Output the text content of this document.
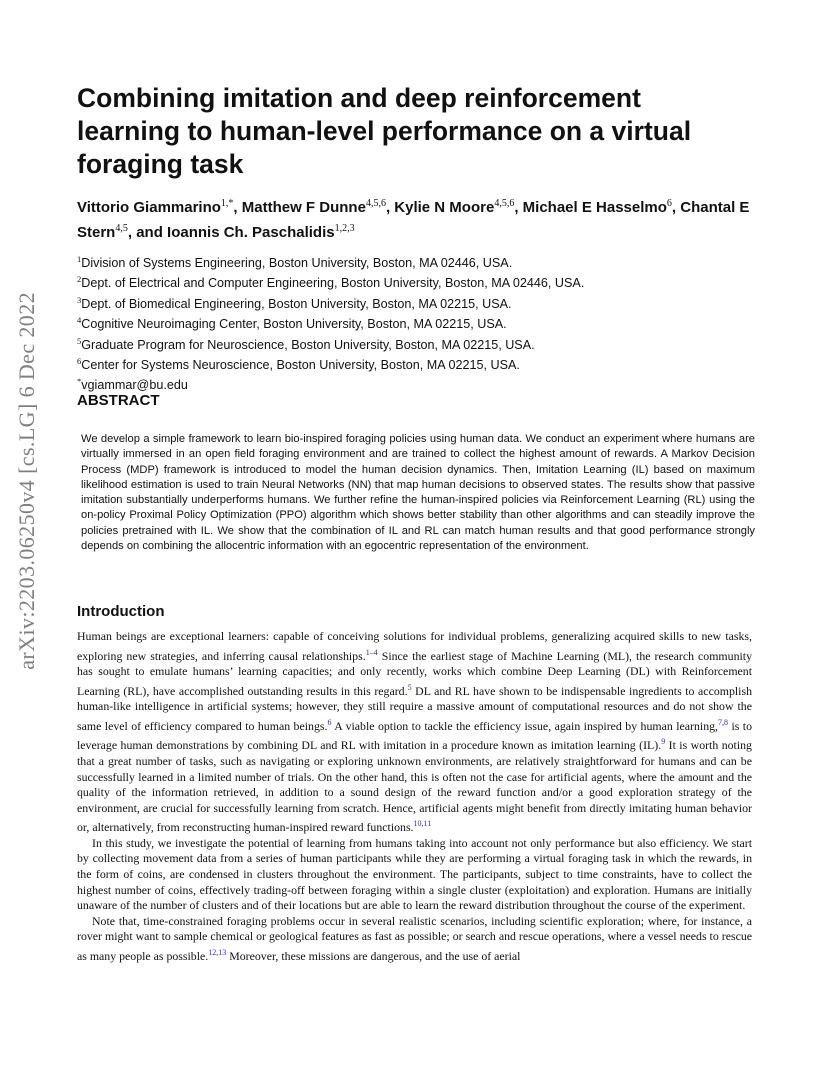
arXiv:2203.06250v4 [cs.LG] 6 Dec 2022
Combining imitation and deep reinforcement learning to human-level performance on a virtual foraging task
Vittorio Giammarino$^{1,*}$, Matthew F Dunne$^{4,5,6}$, Kylie N Moore$^{4,5,6}$, Michael E Hasselmo$^6$, Chantal E Stern$^{4,5}$, and Ioannis Ch. Paschalidis$^{1,2,3}$
$^1$Division of Systems Engineering, Boston University, Boston, MA 02446, USA.
$^2$Dept. of Electrical and Computer Engineering, Boston University, Boston, MA 02446, USA.
$^3$Dept. of Biomedical Engineering, Boston University, Boston, MA 02215, USA.
$^4$Cognitive Neuroimaging Center, Boston University, Boston, MA 02215, USA.
$^5$Graduate Program for Neuroscience, Boston University, Boston, MA 02215, USA.
$^6$Center for Systems Neuroscience, Boston University, Boston, MA 02215, USA.
*vgiammar@bu.edu
ABSTRACT

We develop a simple framework to learn bio-inspired foraging policies using human data. We conduct an experiment where humans are virtually immersed in an open field foraging environment and are trained to collect the highest amount of rewards. A Markov Decision Process (MDP) framework is introduced to model the human decision dynamics. Then, Imitation Learning (IL) based on maximum likelihood estimation is used to train Neural Networks (NN) that map human decisions to observed states. The results show that passive imitation substantially underperforms humans. We further refine the human-inspired policies via Reinforcement Learning (RL) using the on-policy Proximal Policy Optimization (PPO) algorithm which shows better stability than other algorithms and can steadily improve the policies pretrained with IL. We show that the combination of IL and RL can match human results and that good performance strongly depends on combining the allocentric information with an egocentric representation of the environment.

Introduction

Human beings are exceptional learners: capable of conceiving solutions for individual problems, generalizing acquired skills to new tasks, exploring new strategies, and inferring causal relationships.$^{1-4}$ Since the earliest stage of Machine Learning (ML), the research community has sought to emulate humans’ learning capacities; and only recently, works which combine Deep Learning (DL) with Reinforcement Learning (RL), have accomplished outstanding results in this regard.$^5$ DL and RL have shown to be indispensable ingredients to accomplish human-like intelligence in artificial systems; however, they still require a massive amount of computational resources and do not show the same level of efficiency compared to human beings.$^6$ A viable option to tackle the efficiency issue, again inspired by human learning,$^{7,8}$ is to leverage human demonstrations by combining DL and RL with imitation in a procedure known as imitation learning (IL).$^9$ It is worth noting that a great number of tasks, such as navigating or exploring unknown environments, are relatively straightforward for humans and can be successfully learned in a limited number of trials. On the other hand, this is often not the case for artificial agents, where the amount and the quality of the information retrieved, in addition to a sound design of the reward function and/or a good exploration strategy of the environment, are crucial for successfully learning from scratch. Hence, artificial agents might benefit from directly imitating human behavior or, alternatively, from reconstructing human-inspired reward functions.$^{10,11}$

In this study, we investigate the potential of learning from humans taking into account not only performance but also efficiency. We start by collecting movement data from a series of human participants while they are performing a virtual foraging task in which the rewards, in the form of coins, are condensed in clusters throughout the environment. The participants, subject to time constraints, have to collect the highest number of coins, effectively trading-off between foraging within a single cluster (exploitation) and exploration. Humans are initially unaware of the number of clusters and of their locations but are able to learn the reward distribution throughout the course of the experiment.

Note that, time-constrained foraging problems occur in several realistic scenarios, including scientific exploration; where, for instance, a rover might want to sample chemical or geological features as fast as possible; or search and rescue operations, where a vessel needs to rescue as many people as possible.$^{12,13}$ Moreover, these missions are dangerous, and the use of aerial
